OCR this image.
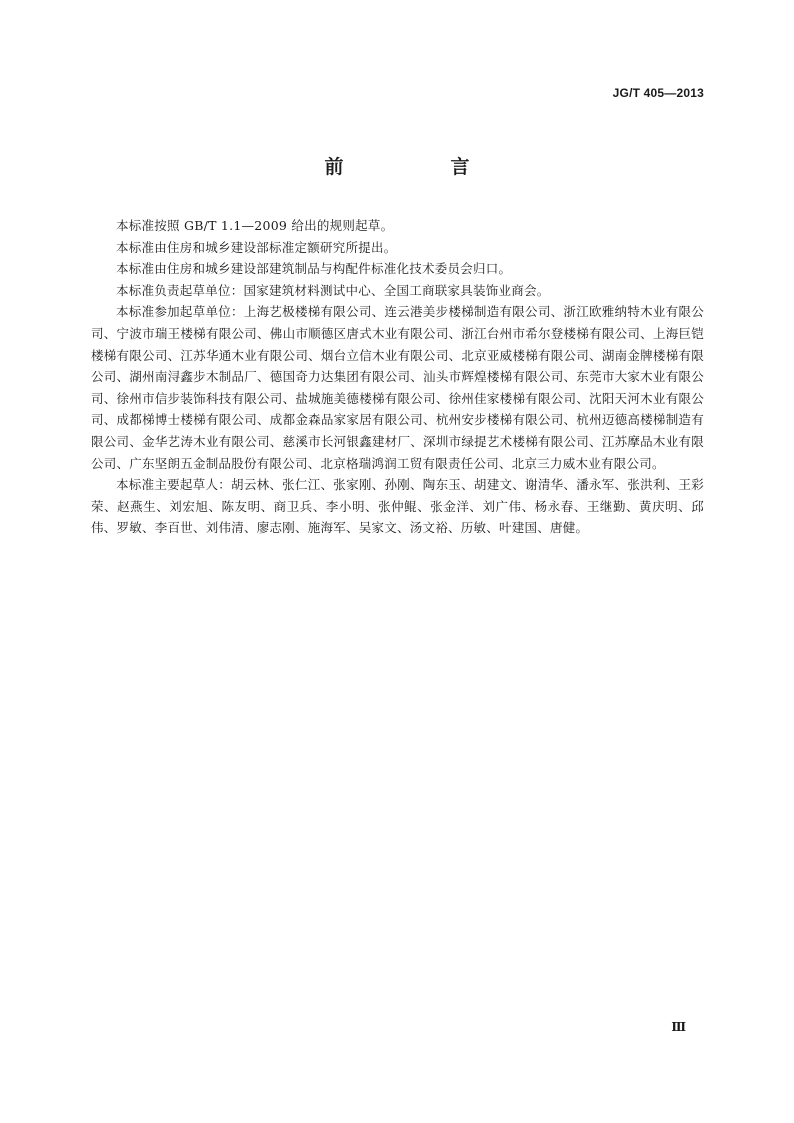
JG/T 405—2013
前　言

本标准按照 GB/T 1.1—2009 给出的规则起草。

本标准由住房和城乡建设部标准定额研究所提出。

本标准由住房和城乡建设部建筑制品与构配件标准化技术委员会归口。

本标准负责起草单位：国家建筑材料测试中心、全国工商联家具装饰业商会。

本标准参加起草单位：上海艺极楼梯有限公司、连云港美步楼梯制造有限公司、浙江欧雅纳特木业有限公司、宁波市瑞王楼梯有限公司、佛山市顺德区唐式木业有限公司、浙江台州市希尔登楼梯有限公司、上海巨铠楼梯有限公司、江苏华通木业有限公司、烟台立信木业有限公司、北京亚威楼梯有限公司、湖南金牌楼梯有限公司、湖州南浔鑫步木制品厂、德国奇力达集团有限公司、汕头市辉煌楼梯有限公司、东莞市大家木业有限公司、徐州市信步装饰科技有限公司、盐城施美德楼梯有限公司、徐州佳家楼梯有限公司、沈阳天河木业有限公司、成都梯博士楼梯有限公司、成都金森品家家居有限公司、杭州安步楼梯有限公司、杭州迈德高楼梯制造有限公司、金华艺涛木业有限公司、慈溪市长河银鑫建材厂、深圳市绿提艺术楼梯有限公司、江苏摩品木业有限公司、广东坚朗五金制品股份有限公司、北京格瑞鸿润工贸有限责任公司、北京三力威木业有限公司。

本标准主要起草人：胡云林、张仁江、张家刚、孙刚、陶东玉、胡建文、谢清华、潘永军、张洪利、王彩荣、赵燕生、刘宏旭、陈友明、商卫兵、李小明、张仲鲲、张金洋、刘广伟、杨永春、王继勤、黄庆明、邱伟、罗敏、李百世、刘伟清、廖志刚、施海军、吴家文、汤文裕、历敏、叶建国、唐健。

Ⅲ
